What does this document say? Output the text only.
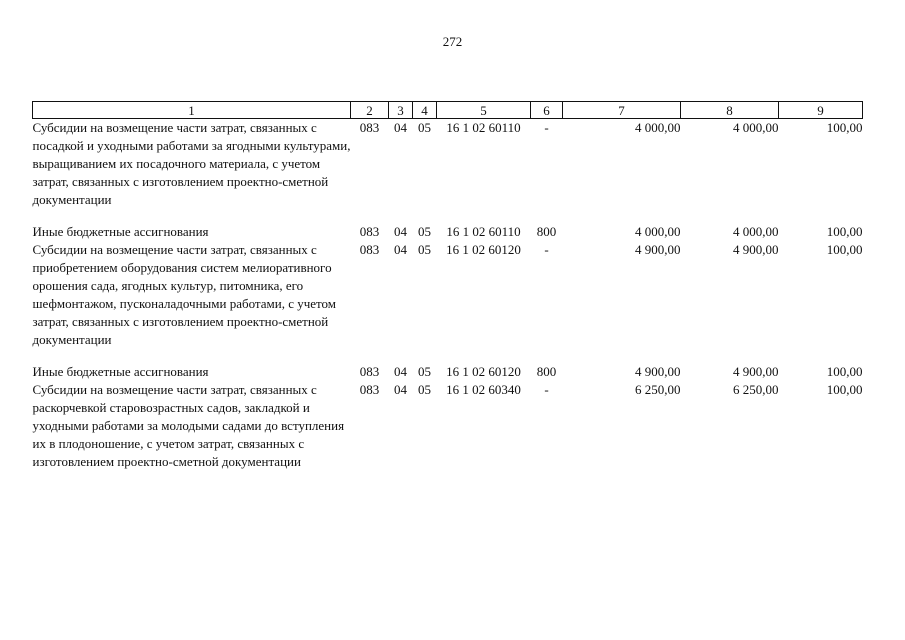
272
1	2	3	4	5	6	7	8	9
Субсидии на возмещение части затрат, связанных с посадкой и уходными работами за ягодными культурами, выращиванием их посадочного материала, с учетом затрат, связанных с изготовлением проектно-сметной документации	083	04	05	16 1 02 60110	-	4 000,00	4 000,00	100,00

Иные бюджетные ассигнования	083	04	05	16 1 02 60110	800	4 000,00	4 000,00	100,00
Субсидии на возмещение части затрат, связанных с приобретением оборудования систем мелиоративного орошения сада, ягодных культур, питомника, его шефмонтажом, пусконаладочными работами, с учетом затрат, связанных с изготовлением проектно-сметной документации	083	04	05	16 1 02 60120	-	4 900,00	4 900,00	100,00

Иные бюджетные ассигнования	083	04	05	16 1 02 60120	800	4 900,00	4 900,00	100,00
Субсидии на возмещение части затрат, связанных с раскорчевкой старовозрастных садов, закладкой и уходными работами за молодыми садами до вступления их в плодоношение, с учетом затрат, связанных с изготовлением проектно-сметной документации	083	04	05	16 1 02 60340	-	6 250,00	6 250,00	100,00
